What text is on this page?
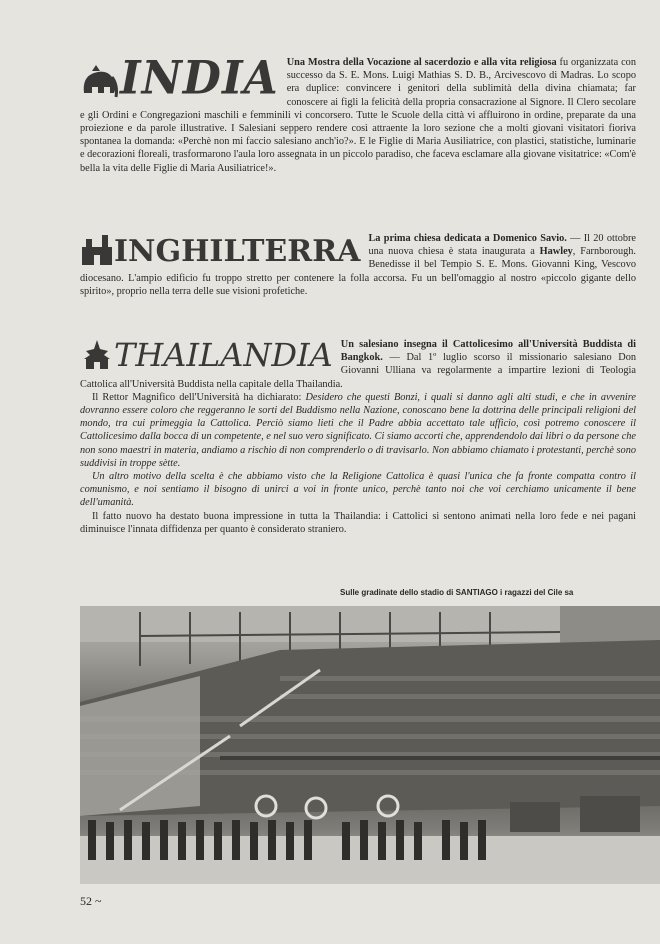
INDIA Una Mostra della Vocazione al sacerdozio e alla vita religiosa fu organizzata con successo da S. E. Mons. Luigi Mathias S. D. B., Arcivescovo di Madras. Lo scopo era duplice: convincere i genitori della sublimità della divina chiamata; far conoscere ai figli la felicità della propria consacrazione al Signore. Il Clero secolare e gli Ordini e Congregazioni maschili e femminili vi concorsero. Tutte le Scuole della città vi affluirono in ordine, preparate da una proiezione e da parole illustrative. I Salesiani seppero rendere così attraente la loro sezione che a molti giovani visitatori fioriva spontanea la domanda: «Perchè non mi faccio salesiano anch'io?». E le Figlie di Maria Ausiliatrice, con plastici, statistiche, luminarie e decorazioni floreali, trasformarono l'aula loro assegnata in un piccolo paradiso, che faceva esclamare alla giovane visitatrice: «Com'è bella la vita delle Figlie di Maria Ausiliatrice!».

INGHILTERRA La prima chiesa dedicata a Domenico Savio. — Il 20 ottobre una nuova chiesa è stata inaugurata a Hawley, Farnborough. Benedisse il bel Tempio S. E. Mons. Giovanni King, Vescovo diocesano. L'ampio edificio fu troppo stretto per contenere la folla accorsa. Fu un bell'omaggio al nostro «piccolo gigante dello spirito», proprio nella terra delle sue visioni profetiche.

THAILANDIA Un salesiano insegna il Cattolicesimo all'Università Buddista di Bangkok. — Dal 1º luglio scorso il missionario salesiano Don Giovanni Ulliana va regolarmente a impartire lezioni di Teologia Cattolica all'Università Buddista nella capitale della Thailandia.

Il Rettor Magnifico dell'Università ha dichiarato: Desidero che questi Bonzi, i quali si danno agli alti studi, e che in avvenire dovranno essere coloro che reggeranno le sorti del Buddismo nella Nazione, conoscano bene la dottrina delle principali religioni del mondo, tra cui primeggia la Cattolica. Perciò siamo lieti che il Padre abbia accettato tale ufficio, così potremo conoscere il Cattolicesimo dalla bocca di un competente, e nel suo vero significato. Ci siamo accorti che, apprendendolo dai libri o da persone che non sono maestri in materia, andiamo a rischio di non comprenderlo o di travisarlo. Non abbiamo chiamato i protestanti, perchè sono suddivisi in troppe sètte.

Un altro motivo della scelta è che abbiamo visto che la Religione Cattolica è quasi l'unica che fa fronte compatta contro il comunismo, e noi sentiamo il bisogno di unirci a voi in fronte unico, perchè tanto noi che voi cerchiamo unicamente il bene dell'umanità.

Il fatto nuovo ha destato buona impressione in tutta la Thailandia: i Cattolici si sentono animati nella loro fede e nei pagani diminuisce l'innata diffidenza per quanto è considerato straniero.

Sulle gradinate dello stadio di SANTIAGO i ragazzi del Cile sa
52 ~
